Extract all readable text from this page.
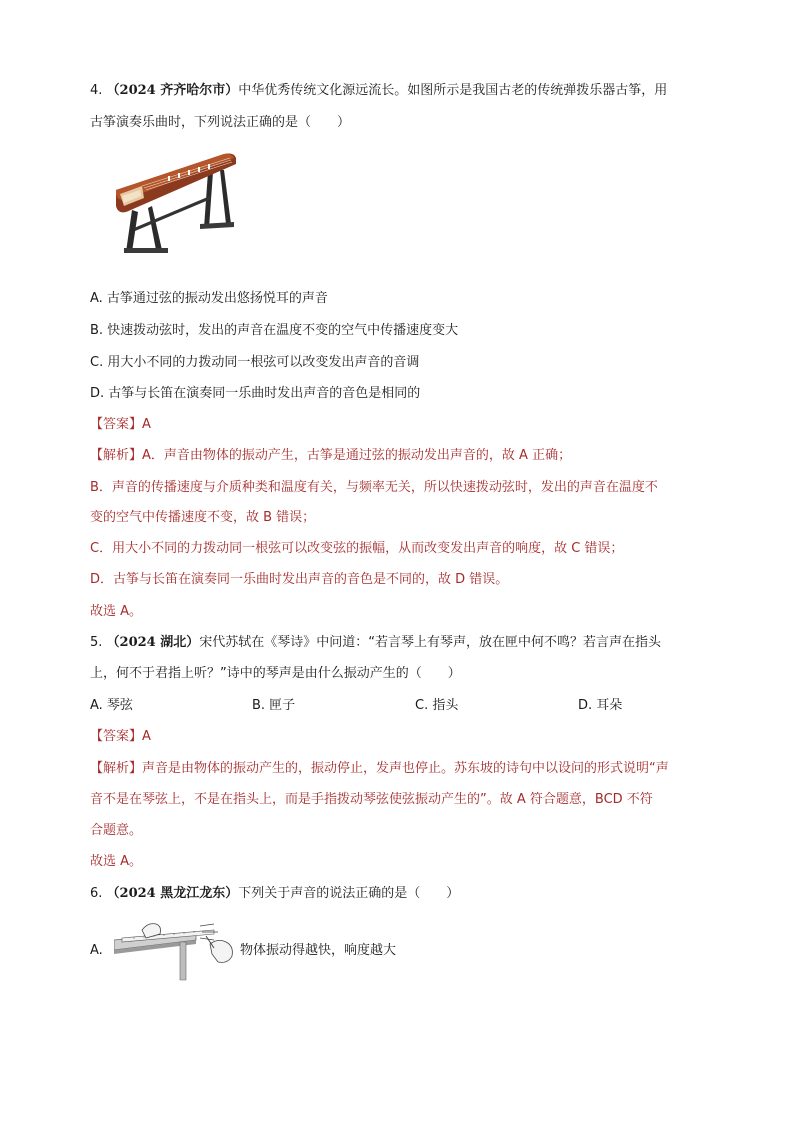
4. （2024 齐齐哈尔市）中华优秀传统文化源远流长。如图所示是我国古老的传统弹拨乐器古筝，用
古筝演奏乐曲时，下列说法正确的是（　　）
A. 古筝通过弦的振动发出悠扬悦耳的声音
B. 快速拨动弦时，发出的声音在温度不变的空气中传播速度变大
C. 用大小不同的力拨动同一根弦可以改变发出声音的音调
D. 古筝与长笛在演奏同一乐曲时发出声音的音色是相同的
【答案】A
【解析】A．声音由物体的振动产生，古筝是通过弦的振动发出声音的，故 A 正确；
B．声音的传播速度与介质种类和温度有关，与频率无关，所以快速拨动弦时，发出的声音在温度不
变的空气中传播速度不变，故 B 错误；
C．用大小不同的力拨动同一根弦可以改变弦的振幅，从而改变发出声音的响度，故 C 错误；
D．古筝与长笛在演奏同一乐曲时发出声音的音色是不同的，故 D 错误。
故选 A。
5. （2024 湖北）宋代苏轼在《琴诗》中问道：“若言琴上有琴声，放在匣中何不鸣？若言声在指头
上，何不于君指上听？”诗中的琴声是由什么振动产生的（　　）
A. 琴弦	B. 匣子	C. 指头	D. 耳朵
【答案】A
【解析】声音是由物体的振动产生的，振动停止，发声也停止。苏东坡的诗句中以设问的形式说明“声
音不是在琴弦上，不是在指头上，而是手指拨动琴弦使弦振动产生的”。故 A 符合题意，BCD 不符
合题意。
故选 A。
6. （2024 黑龙江龙东）下列关于声音的说法正确的是（　　）
A.	物体振动得越快，响度越大
